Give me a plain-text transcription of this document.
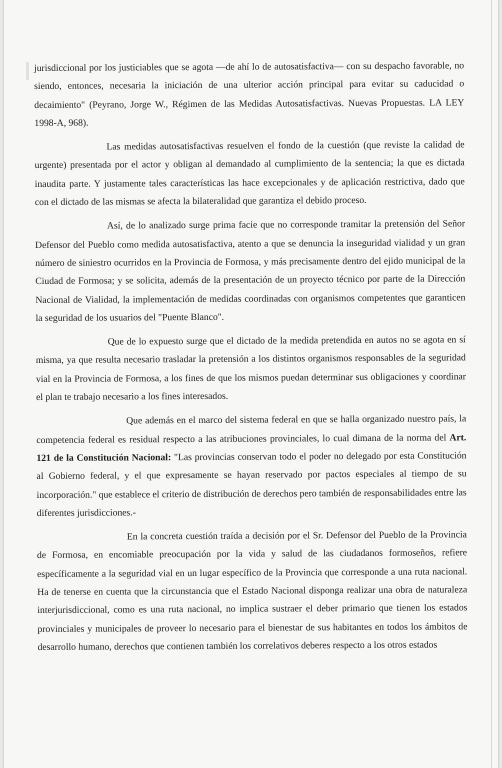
jurisdiccional por los justiciables que se agota —de ahí lo de autosatisfactiva— con su despacho favorable, no siendo, entonces, necesaria la iniciación de una ulterior acción principal para evitar su caducidad o decaimiento" (Peyrano, Jorge W., Régimen de las Medidas Autosatisfactivas. Nuevas Propuestas. LA LEY 1998-A, 968).

Las medidas autosatisfactivas resuelven el fondo de la cuestión (que reviste la calidad de urgente) presentada por el actor y obligan al demandado al cumplimiento de la sentencia; la que es dictada inaudita parte. Y justamente tales características las hace excepcionales y de aplicación restrictiva, dado que con el dictado de las mismas se afecta la bilateralidad que garantiza el debido proceso.

Así, de lo analizado surge prima facie que no corresponde tramitar la pretensión del Señor Defensor del Pueblo como medida autosatisfactiva, atento a que se denuncia la inseguridad vialidad y un gran número de siniestro ocurridos en la Provincia de Formosa, y más precisamente dentro del ejido municipal de la Ciudad de Formosa; y se solicita, además de la presentación de un proyecto técnico por parte de la Dirección Nacional de Vialidad, la implementación de medidas coordinadas con organismos competentes que garanticen la seguridad de los usuarios del "Puente Blanco".

Que de lo expuesto surge que el dictado de la medida pretendida en autos no se agota en sí misma, ya que resulta necesario trasladar la pretensión a los distintos organismos responsables de la seguridad vial en la Provincia de Formosa, a los fines de que los mismos puedan determinar sus obligaciones y coordinar el plan te trabajo necesario a los fines interesados.

Que además en el marco del sistema federal en que se halla organizado nuestro país, la competencia federal es residual respecto a las atribuciones provinciales, lo cual dimana de la norma del Art. 121 de la Constitución Nacional: "Las provincias conservan todo el poder no delegado por esta Constitución al Gobierno federal, y el que expresamente se hayan reservado por pactos especiales al tiempo de su incorporación." que establece el criterio de distribución de derechos pero también de responsabilidades entre las diferentes jurisdicciones.-

En la concreta cuestión traída a decisión por el Sr. Defensor del Pueblo de la Provincia de Formosa, en encomiable preocupación por la vida y salud de las ciudadanos formoseños, refiere específicamente a la seguridad vial en un lugar específico de la Provincia que corresponde a una ruta nacional. Ha de tenerse en cuenta que la circunstancia que el Estado Nacional disponga realizar una obra de naturaleza interjurisdiccional, como es una ruta nacional, no implica sustraer el deber primario que tienen los estados provinciales y municipales de proveer lo necesario para el bienestar de sus habitantes en todos los ámbitos de desarrollo humano, derechos que contienen también los correlativos deberes respecto a los otros estados
